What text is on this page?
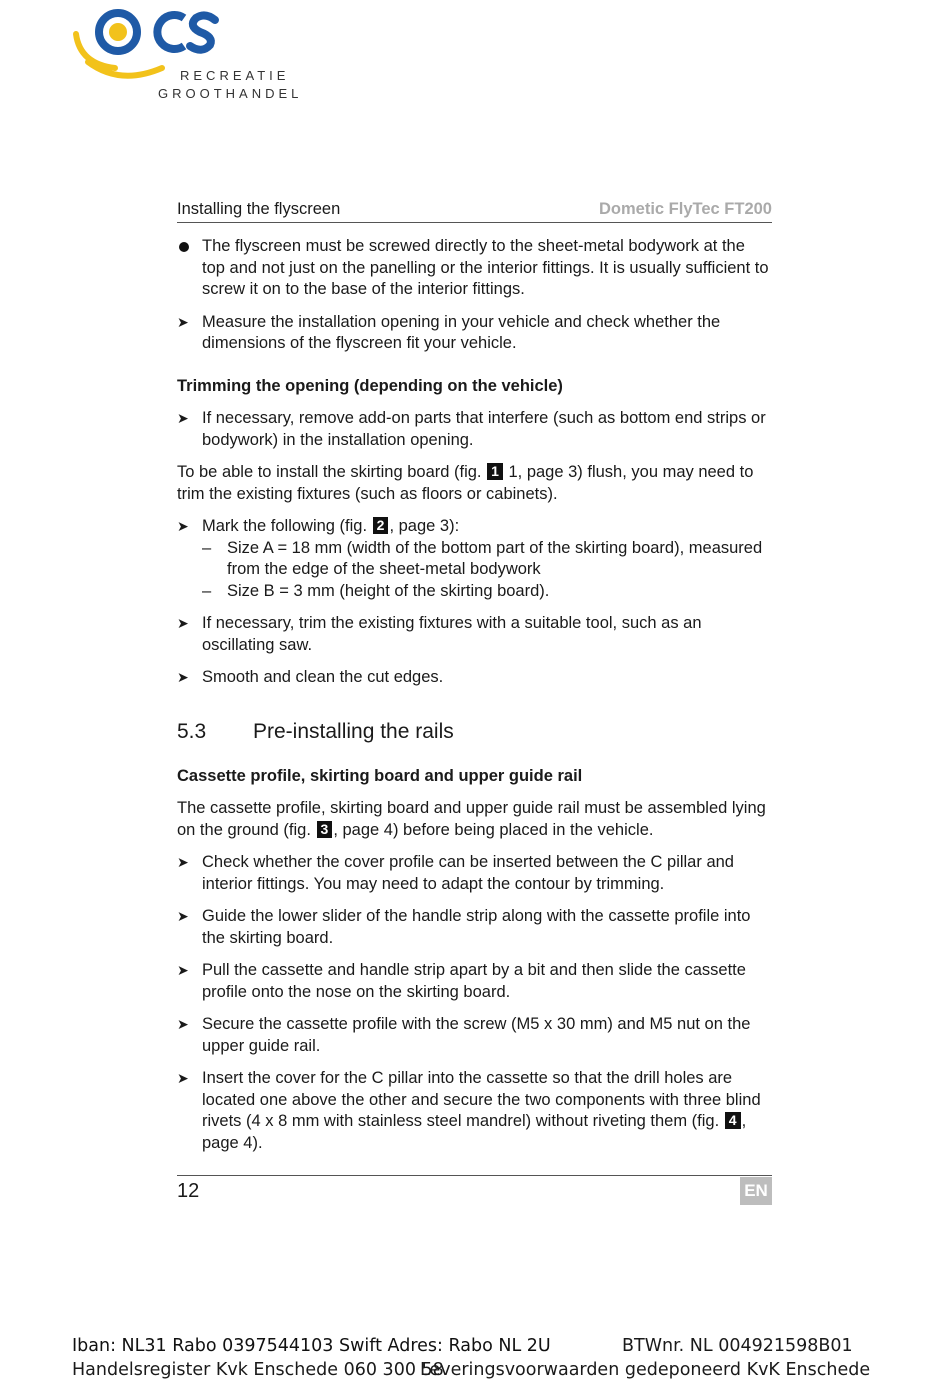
RECREATIE
GROOTHANDEL
Installing the flyscreen	Dometic FlyTec FT200
The flyscreen must be screwed directly to the sheet-metal bodywork at the top and not just on the panelling or the interior fittings. It is usually sufficient to screw it on to the base of the interior fittings.
➤ Measure the installation opening in your vehicle and check whether the dimensions of the flyscreen fit your vehicle.
Trimming the opening (depending on the vehicle)
➤ If necessary, remove add-on parts that interfere (such as bottom end strips or bodywork) in the installation opening.
To be able to install the skirting board (fig. 1 1, page 3) flush, you may need to trim the existing fixtures (such as floors or cabinets).
➤ Mark the following (fig. 2 , page 3):
– Size A = 18 mm (width of the bottom part of the skirting board), measured from the edge of the sheet-metal bodywork
– Size B = 3 mm (height of the skirting board).
➤ If necessary, trim the existing fixtures with a suitable tool, such as an oscillating saw.
➤ Smooth and clean the cut edges.
5.3	Pre-installing the rails
Cassette profile, skirting board and upper guide rail
The cassette profile, skirting board and upper guide rail must be assembled lying on the ground (fig. 3 , page 4) before being placed in the vehicle.
➤ Check whether the cover profile can be inserted between the C pillar and interior fittings. You may need to adapt the contour by trimming.
➤ Guide the lower slider of the handle strip along with the cassette profile into the skirting board.
➤ Pull the cassette and handle strip apart by a bit and then slide the cassette profile onto the nose on the skirting board.
➤ Secure the cassette profile with the screw (M5 x 30 mm) and M5 nut on the upper guide rail.
➤ Insert the cover for the C pillar into the cassette so that the drill holes are located one above the other and secure the two components with three blind rivets (4 x 8 mm with stainless steel mandrel) without riveting them (fig. 4 , page 4).
12	EN
Iban: NL31 Rabo 0397544103 Swift Adres: Rabo NL 2U	BTWnr. NL 004921598B01
Handelsregister Kvk Enschede 060 300 58
Leveringsvoorwaarden gedeponeerd KvK Enschede
